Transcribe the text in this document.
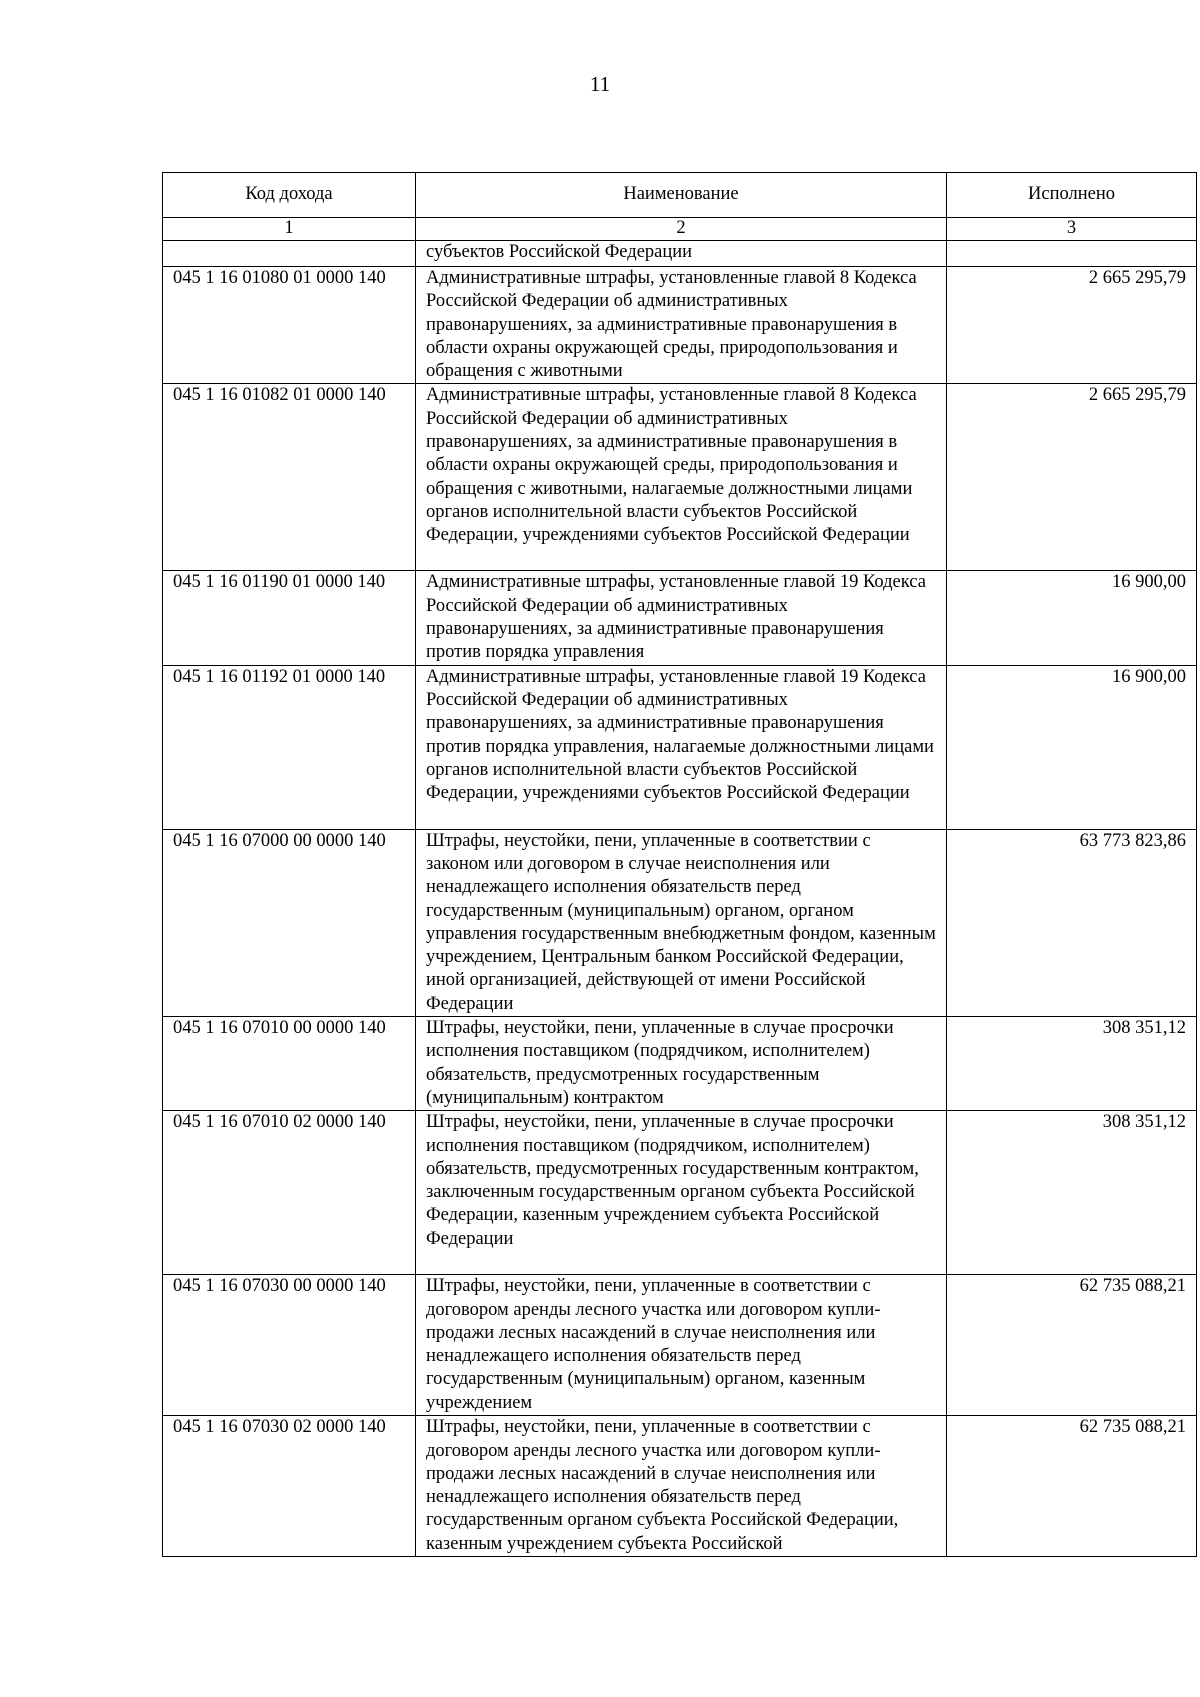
11
Код дохода	Наименование	Исполнено
1	2	3
	субъектов Российской Федерации	
045 1 16 01080 01 0000 140	Административные штрафы, установленные главой 8 Кодекса Российской Федерации об административных правонарушениях, за административные правонарушения в области охраны окружающей среды, природопользования и обращения с животными	2 665 295,79
045 1 16 01082 01 0000 140	Административные штрафы, установленные главой 8 Кодекса Российской Федерации об административных правонарушениях, за административные правонарушения в области охраны окружающей среды, природопользования и обращения с животными, налагаемые должностными лицами органов исполнительной власти субъектов Российской Федерации, учреждениями субъектов Российской Федерации	2 665 295,79
045 1 16 01190 01 0000 140	Административные штрафы, установленные главой 19 Кодекса Российской Федерации об административных правонарушениях, за административные правонарушения против порядка управления	16 900,00
045 1 16 01192 01 0000 140	Административные штрафы, установленные главой 19 Кодекса Российской Федерации об административных правонарушениях, за административные правонарушения против порядка управления, налагаемые должностными лицами органов исполнительной власти субъектов Российской Федерации, учреждениями субъектов Российской Федерации	16 900,00
045 1 16 07000 00 0000 140	Штрафы, неустойки, пени, уплаченные в соответствии с законом или договором в случае неисполнения или ненадлежащего исполнения обязательств перед государственным (муниципальным) органом, органом управления государственным внебюджетным фондом, казенным учреждением, Центральным банком Российской Федерации, иной организацией, действующей от имени Российской Федерации	63 773 823,86
045 1 16 07010 00 0000 140	Штрафы, неустойки, пени, уплаченные в случае просрочки исполнения поставщиком (подрядчиком, исполнителем) обязательств, предусмотренных государственным (муниципальным) контрактом	308 351,12
045 1 16 07010 02 0000 140	Штрафы, неустойки, пени, уплаченные в случае просрочки исполнения поставщиком (подрядчиком, исполнителем) обязательств, предусмотренных государственным контрактом, заключенным государственным органом субъекта Российской Федерации, казенным учреждением субъекта Российской Федерации	308 351,12
045 1 16 07030 00 0000 140	Штрафы, неустойки, пени, уплаченные в соответствии с договором аренды лесного участка или договором купли-продажи лесных насаждений в случае неисполнения или ненадлежащего исполнения обязательств перед государственным (муниципальным) органом, казенным учреждением	62 735 088,21
045 1 16 07030 02 0000 140	Штрафы, неустойки, пени, уплаченные в соответствии с договором аренды лесного участка или договором купли-продажи лесных насаждений в случае неисполнения или ненадлежащего исполнения обязательств перед государственным органом субъекта Российской Федерации, казенным учреждением субъекта Российской	62 735 088,21
